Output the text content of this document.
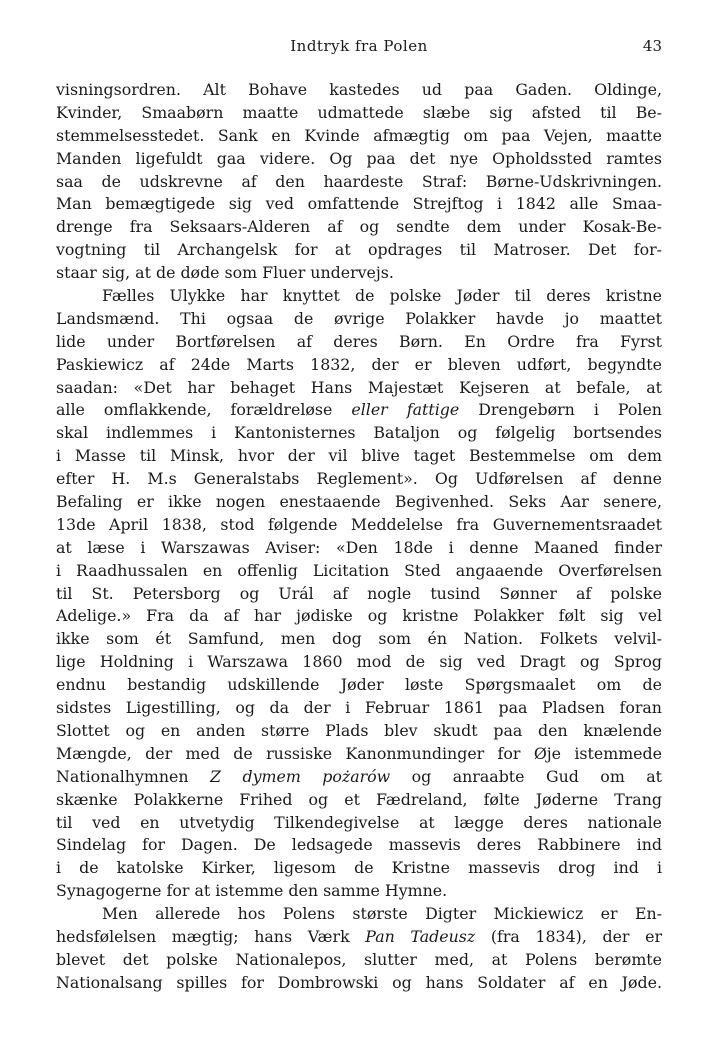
Indtryk fra Polen	43
visningsordren. Alt Bohave kastedes ud paa Gaden. Oldinge,
Kvinder, Smaabørn maatte udmattede slæbe sig afsted til Be-
stemmelsesstedet. Sank en Kvinde afmægtig om paa Vejen, maatte
Manden ligefuldt gaa videre. Og paa det nye Opholdssted ramtes
saa de udskrevne af den haardeste Straf: Børne-Udskrivningen.
Man bemægtigede sig ved omfattende Strejftog i 1842 alle Smaa-
drenge fra Seksaars-Alderen af og sendte dem under Kosak-Be-
vogtning til Archangelsk for at opdrages til Matroser. Det for-
staar sig, at de døde som Fluer undervejs.
Fælles Ulykke har knyttet de polske Jøder til deres kristne
Landsmænd. Thi ogsaa de øvrige Polakker havde jo maattet
lide under Bortførelsen af deres Børn. En Ordre fra Fyrst
Paskiewicz af 24de Marts 1832, der er bleven udført, begyndte
saadan: «Det har behaget Hans Majestæt Kejseren at befale, at
alle omflakkende, forældreløse eller fattige Drengebørn i Polen
skal indlemmes i Kantonisternes Bataljon og følgelig bortsendes
i Masse til Minsk, hvor der vil blive taget Bestemmelse om dem
efter H. M.s Generalstabs Reglement». Og Udførelsen af denne
Befaling er ikke nogen enestaaende Begivenhed. Seks Aar senere,
13de April 1838, stod følgende Meddelelse fra Guvernementsraadet
at læse i Warszawas Aviser: «Den 18de i denne Maaned finder
i Raadhussalen en offenlig Licitation Sted angaaende Overførelsen
til St. Petersborg og Urál af nogle tusind Sønner af polske
Adelige.» Fra da af har jødiske og kristne Polakker følt sig vel
ikke som ét Samfund, men dog som én Nation. Folkets velvil-
lige Holdning i Warszawa 1860 mod de sig ved Dragt og Sprog
endnu bestandig udskillende Jøder løste Spørgsmaalet om de
sidstes Ligestilling, og da der i Februar 1861 paa Pladsen foran
Slottet og en anden større Plads blev skudt paa den knælende
Mængde, der med de russiske Kanonmundinger for Øje istemmede
Nationalhymnen Z dymem pożarów og anraabte Gud om at
skænke Polakkerne Frihed og et Fædreland, følte Jøderne Trang
til ved en utvetydig Tilkendegivelse at lægge deres nationale
Sindelag for Dagen. De ledsagede massevis deres Rabbinere ind
i de katolske Kirker, ligesom de Kristne massevis drog ind i
Synagogerne for at istemme den samme Hymne.
Men allerede hos Polens største Digter Mickiewicz er En-
hedsfølelsen mægtig; hans Værk Pan Tadeusz (fra 1834), der er
blevet det polske Nationalepos, slutter med, at Polens berømte
Nationalsang spilles for Dombrowski og hans Soldater af en Jøde.
